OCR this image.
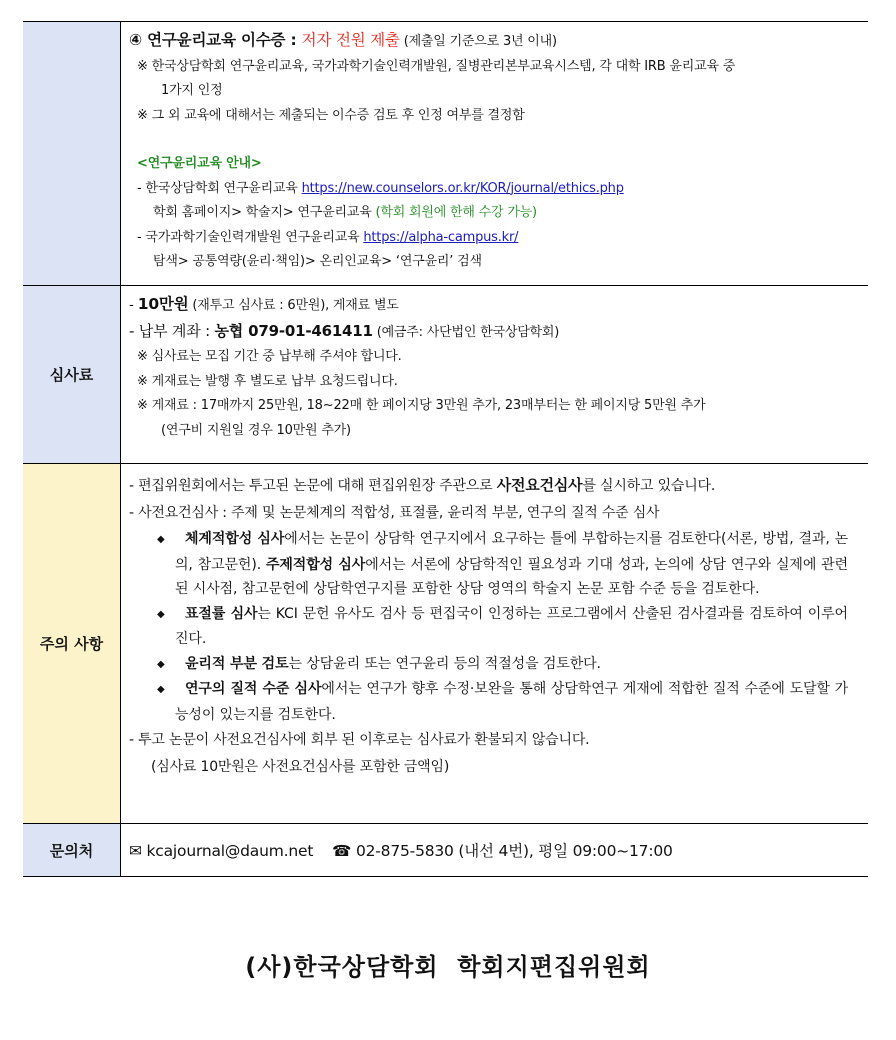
④ 연구윤리교육 이수증 : 저자 전원 제출 (제출일 기준으로 3년 이내)
※ 한국상담학회 연구윤리교육, 국가과학기술인력개발원, 질병관리본부교육시스템, 각 대학 IRB 윤리교육 중
1가지 인정
※ 그 외 교육에 대해서는 제출되는 이수증 검토 후 인정 여부를 결정함
<연구윤리교육 안내>
- 한국상담학회 연구윤리교육 https://new.counselors.or.kr/KOR/journal/ethics.php
학회 홈페이지> 학술지> 연구윤리교육 (학회 회원에 한해 수강 가능)
- 국가과학기술인력개발원 연구윤리교육 https://alpha-campus.kr/
탐색> 공통역량(윤리·책임)> 온리인교육> ‘연구윤리’ 검색

심사료	
- 10만원 (재투고 심사료 : 6만원), 게재료 별도
- 납부 계좌 : 농협 079-01-461411 (예금주: 사단법인 한국상담학회)
※ 심사료는 모집 기간 중 납부해 주셔야 합니다.
※ 게재료는 발행 후 별도로 납부 요청드립니다.
※ 게재료 : 17매까지 25만원, 18~22매 한 페이지당 3만원 추가, 23매부터는 한 페이지당 5만원 추가
(연구비 지원일 경우 10만원 추가)

주의 사항	
- 편집위원회에서는 투고된 논문에 대해 편집위원장 주관으로 사전요건심사를 실시하고 있습니다.
- 사전요건심사 : 주제 및 논문체계의 적합성, 표절률, 윤리적 부분, 연구의 질적 수준 심사
◆ 체계적합성 심사에서는 논문이 상담학 연구지에서 요구하는 틀에 부합하는지를 검토한다(서론, 방법, 결과, 논의, 참고문헌). 주제적합성 심사에서는 서론에 상담학적인 필요성과 기대 성과, 논의에 상담 연구와 실제에 관련된 시사점, 참고문헌에 상담학연구지를 포함한 상담 영역의 학술지 논문 포함 수준 등을 검토한다.
◆ 표절률 심사는 KCI 문헌 유사도 검사 등 편집국이 인정하는 프로그램에서 산출된 검사결과를 검토하여 이루어진다.
◆ 윤리적 부분 검토는 상담윤리 또는 연구윤리 등의 적절성을 검토한다.
◆ 연구의 질적 수준 심사에서는 연구가 향후 수정·보완을 통해 상담학연구 게재에 적합한 질적 수준에 도달할 가능성이 있는지를 검토한다.
- 투고 논문이 사전요건심사에 회부 된 이후로는 심사료가 환불되지 않습니다.
(심사료 10만원은 사전요건심사를 포함한 금액임)

문의처	✉ kcajournal@daum.net ☎ 02-875-5830 (내선 4번), 평일 09:00~17:00
(사)한국상담학회  학회지편집위원회
